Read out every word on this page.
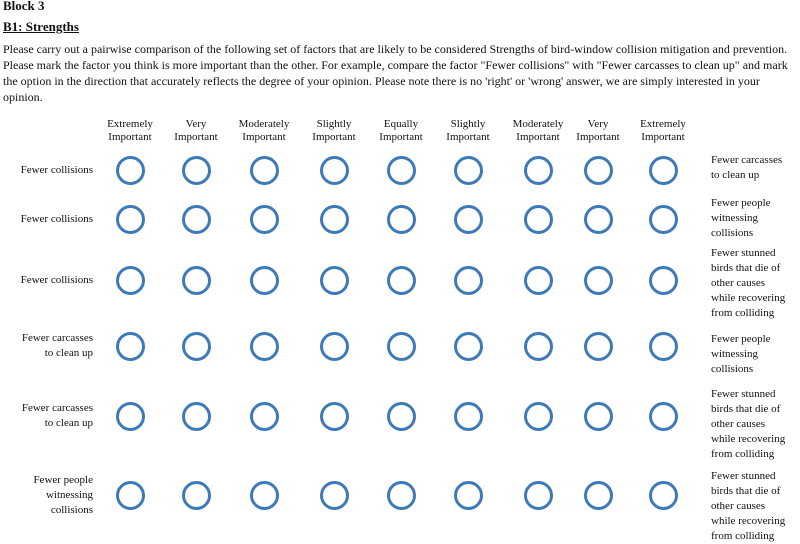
Block 3
B1: Strengths
Please carry out a pairwise comparison of the following set of factors that are likely to be considered Strengths of bird-window collision mitigation and prevention. Please mark the factor you think is more important than the other. For example, compare the factor "Fewer collisions" with "Fewer carcasses to clean up" and mark the option in the direction that accurately reflects the degree of your opinion. Please note there is no 'right' or 'wrong' answer, we are simply interested in your opinion.
Extremely
Important
Very
Important
Moderately
Important
Slightly
Important
Equally
Important
Slightly
Important
Moderately
Important
Very
Important
Extremely
Important
Fewer collisions
Fewer carcasses
to clean up
Fewer collisions
Fewer people
witnessing
collisions
Fewer collisions
Fewer stunned
birds that die of
other causes
while recovering
from colliding
Fewer carcasses
to clean up
Fewer people
witnessing
collisions
Fewer carcasses
to clean up
Fewer stunned
birds that die of
other causes
while recovering
from colliding
Fewer people
witnessing
collisions
Fewer stunned
birds that die of
other causes
while recovering
from colliding
